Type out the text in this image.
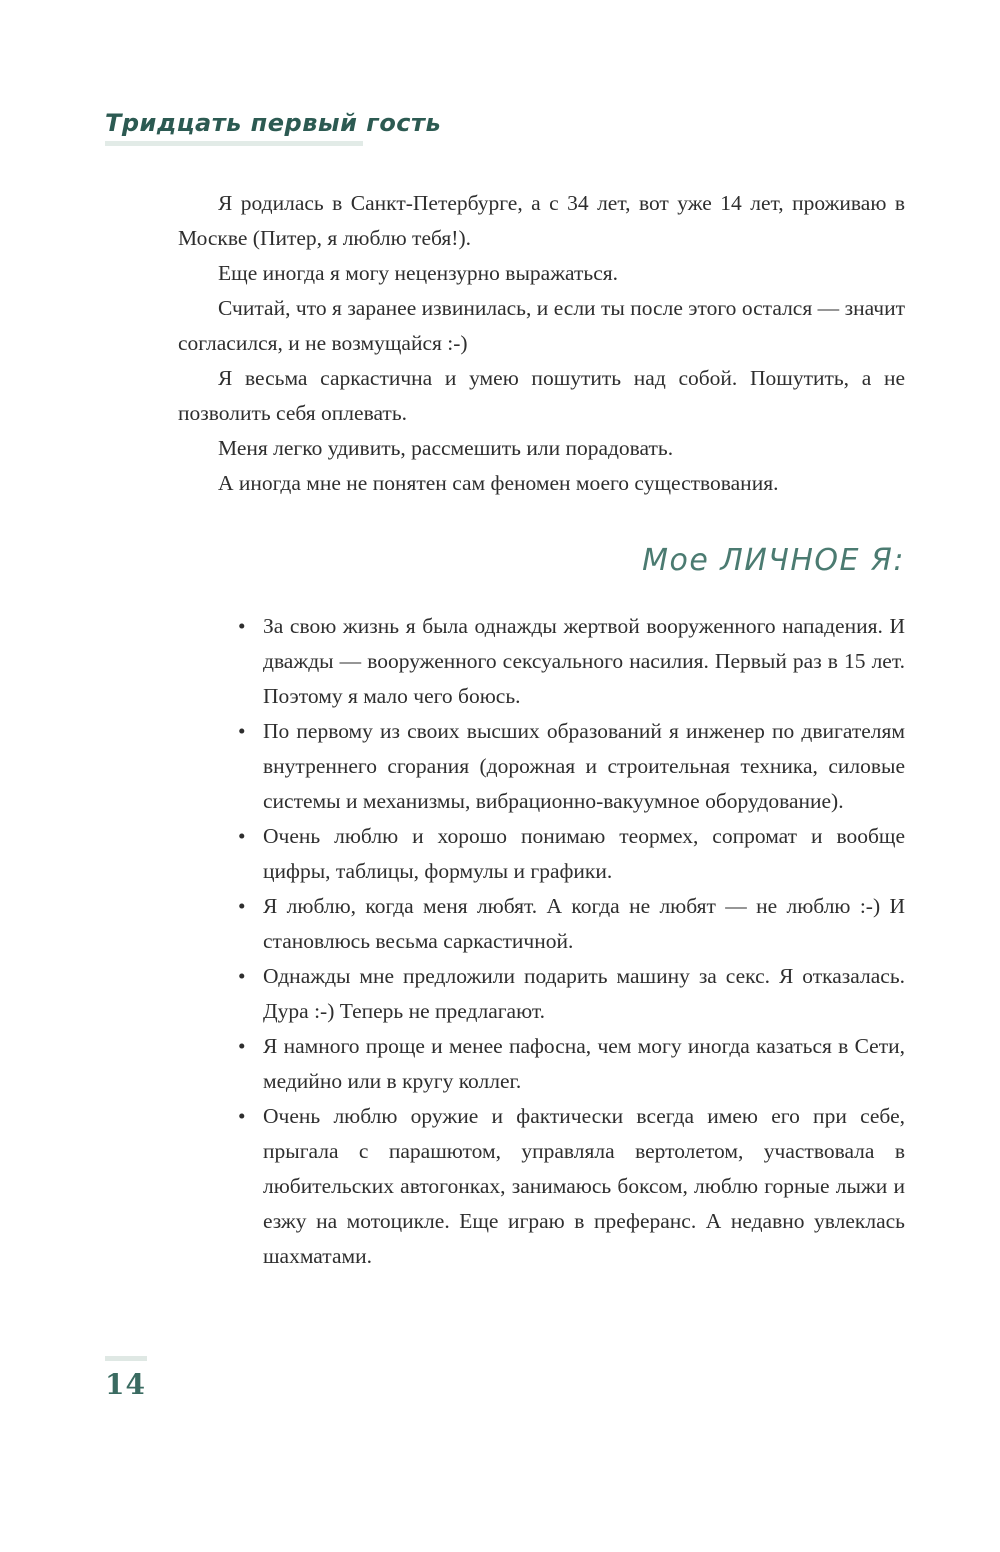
Тридцать первый гость

Я родилась в Санкт-Петербурге, а с 34 лет, вот уже 14 лет, проживаю в Москве (Питер, я люблю тебя!).

Еще иногда я могу нецензурно выражаться.

Считай, что я заранее извинилась, и если ты после этого остался — значит согласился, и не возмущайся :-)

Я весьма саркастична и умею пошутить над собой. Пошутить, а не позволить себя оплевать.

Меня легко удивить, рассмешить или порадовать.

А иногда мне не понятен сам феномен моего существования.

Мое ЛИЧНОЕ Я:
• За свою жизнь я была однажды жертвой вооруженного нападения. И дважды — вооруженного сексуального насилия. Первый раз в 15 лет. Поэтому я мало чего боюсь.
• По первому из своих высших образований я инженер по двигателям внутреннего сгорания (дорожная и строительная техника, силовые системы и механизмы, вибрационно-вакуумное оборудование).
• Очень люблю и хорошо понимаю теормех, сопромат и вообще цифры, таблицы, формулы и графики.
• Я люблю, когда меня любят. А когда не любят — не люблю :-) И становлюсь весьма саркастичной.
• Однажды мне предложили подарить машину за секс. Я отказалась. Дура :-) Теперь не предлагают.
• Я намного проще и менее пафосна, чем могу иногда казаться в Сети, медийно или в кругу коллег.
• Очень люблю оружие и фактически всегда имею его при себе, прыгала с парашютом, управляла вертолетом, участвовала в любительских автогонках, занимаюсь боксом, люблю горные лыжи и езжу на мотоцикле. Еще играю в преферанс. А недавно увлеклась шахматами.
14
